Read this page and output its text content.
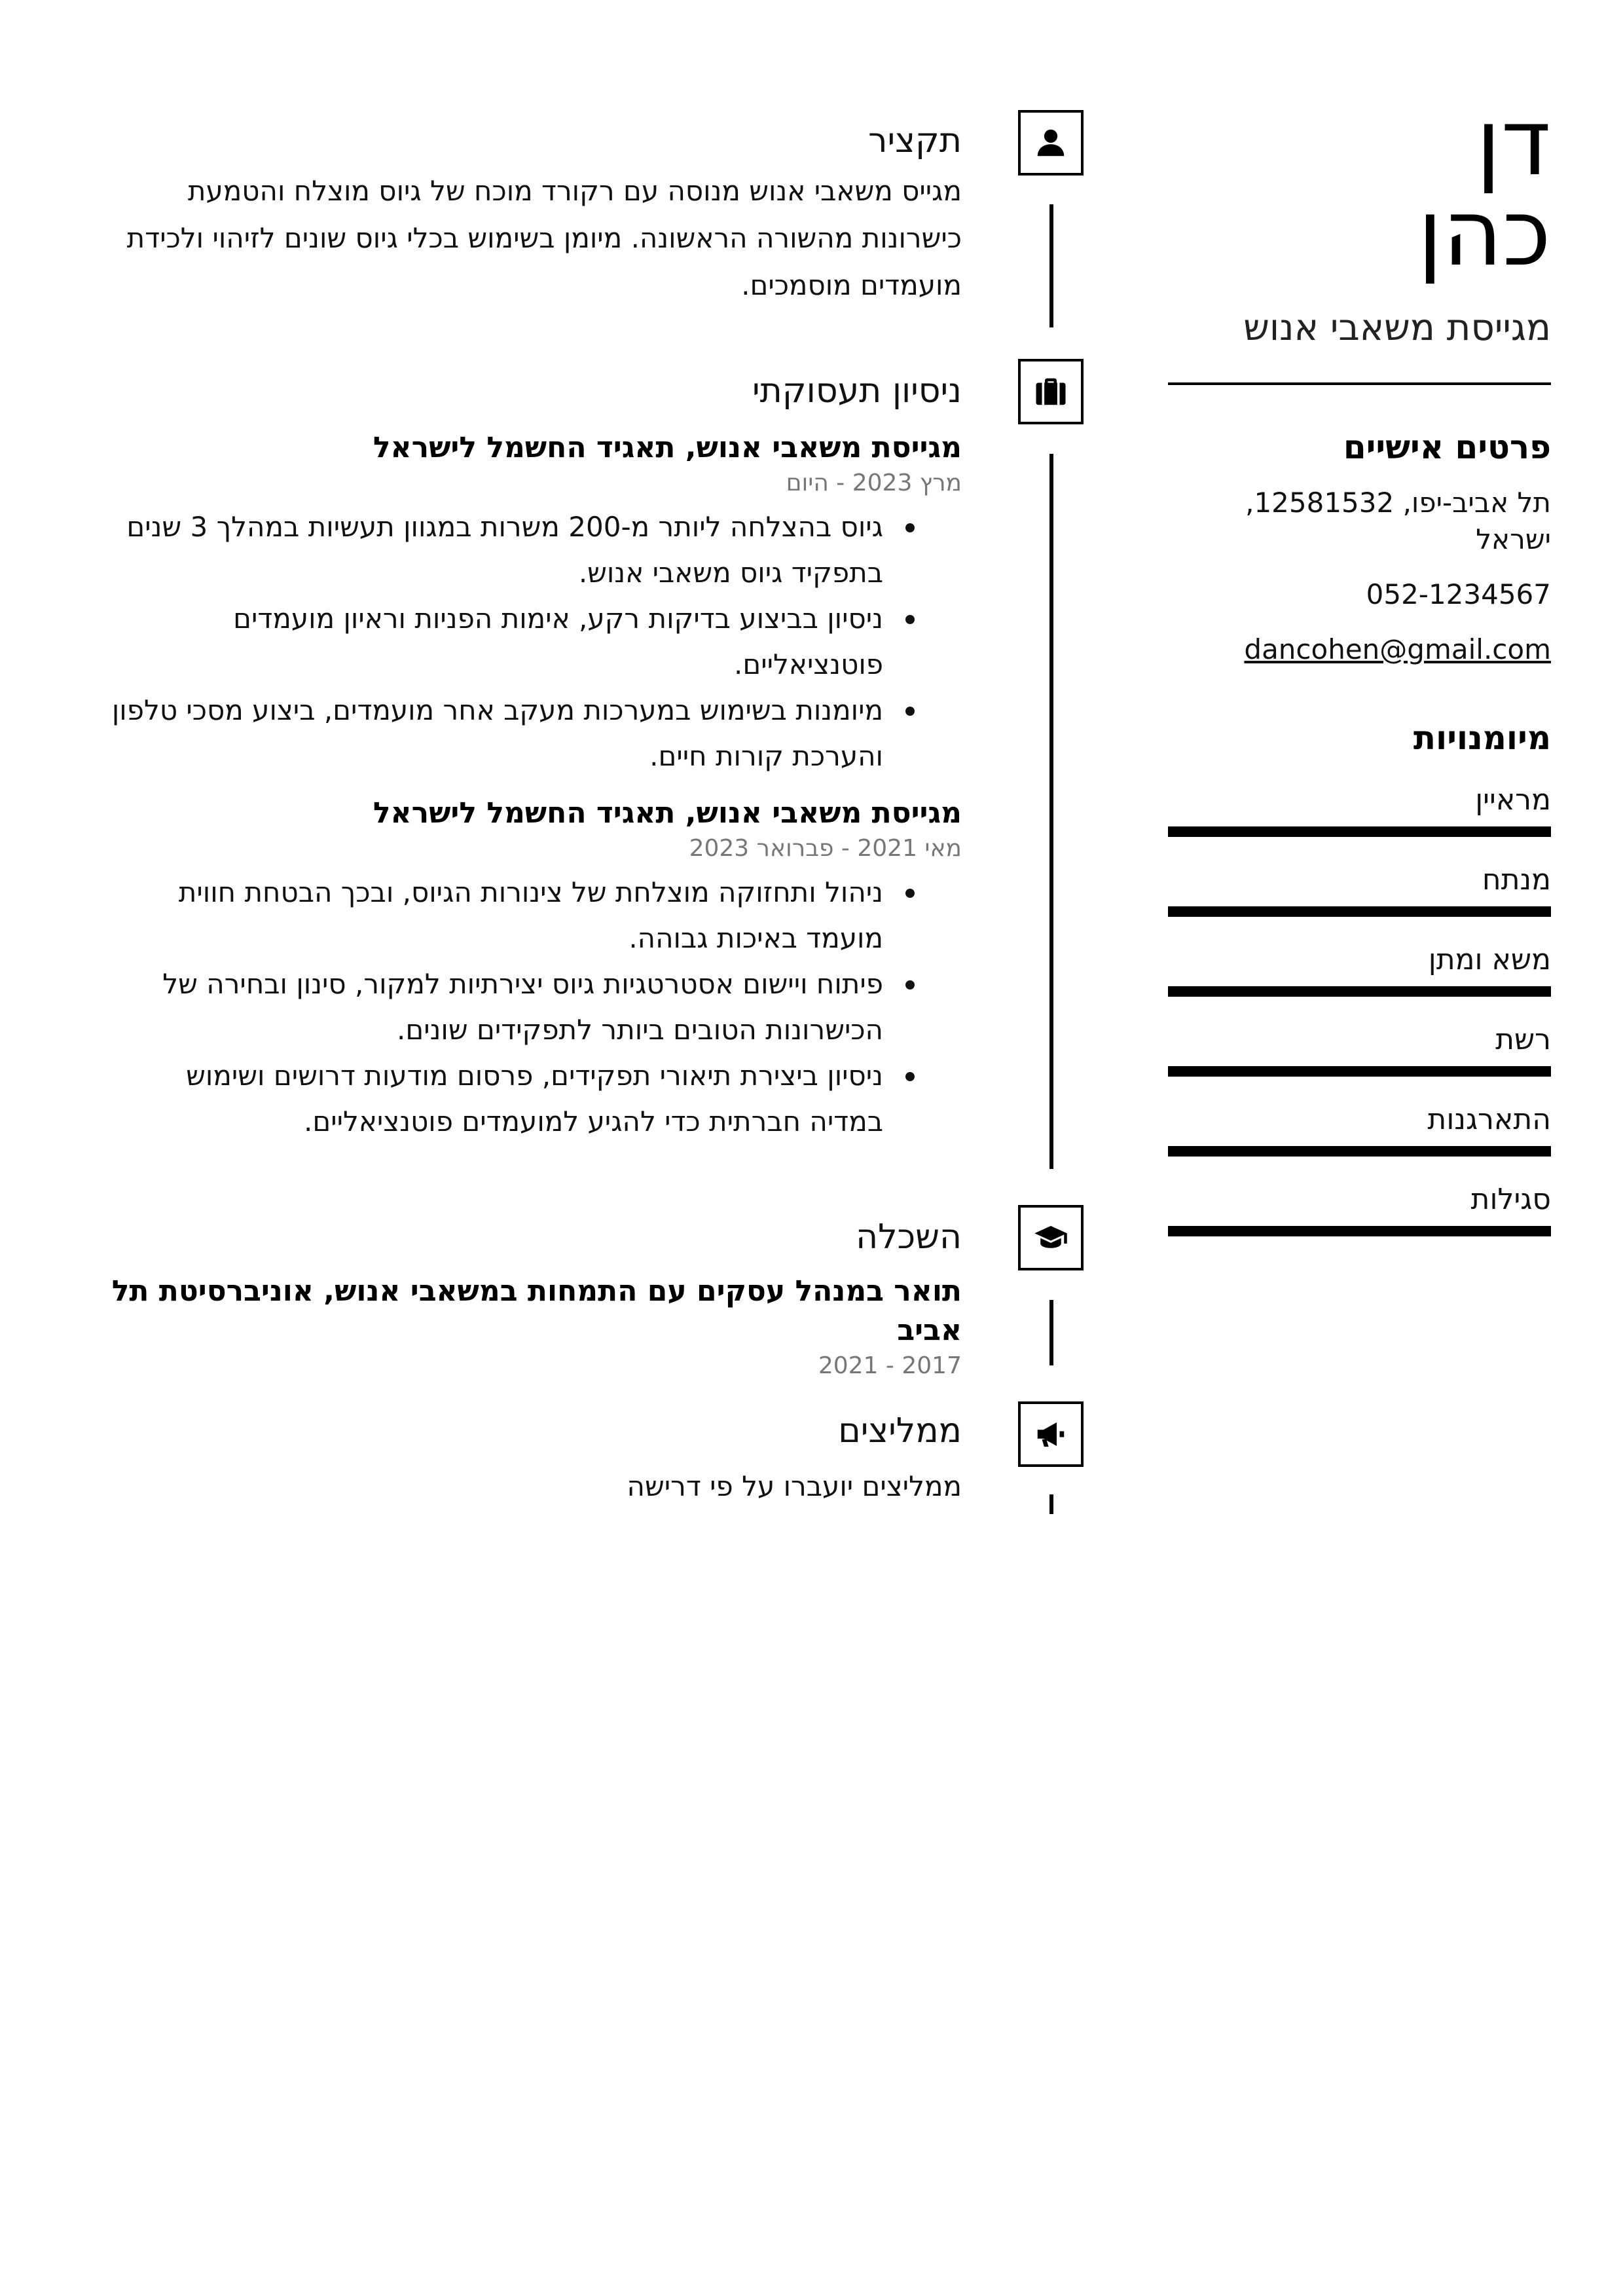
דן
כהן
מגייסת משאבי אנוש
פרטים אישיים
תל אביב-יפו, 12581532, ישראל
052-1234567
dancohen@gmail.com
מיומנויות
מראיין
מנתח
משא ומתן
רשת
התארגנות
סגילות
תקציר
מגייס משאבי אנוש מנוסה עם רקורד מוכח של גיוס מוצלח והטמעת כישרונות מהשורה הראשונה. מיומן בשימוש בכלי גיוס שונים לזיהוי ולכידת מועמדים מוסמכים.
ניסיון תעסוקתי
מגייסת משאבי אנוש, תאגיד החשמל לישראל
מרץ 2023 - היום
גיוס בהצלחה ליותר מ-200 משרות במגוון תעשיות במהלך 3 שנים בתפקיד גיוס משאבי אנוש.
ניסיון בביצוע בדיקות רקע, אימות הפניות וראיון מועמדים פוטנציאליים.
מיומנות בשימוש במערכות מעקב אחר מועמדים, ביצוע מסכי טלפון והערכת קורות חיים.
מגייסת משאבי אנוש, תאגיד החשמל לישראל
מאי 2021 - פברואר 2023
ניהול ותחזוקה מוצלחת של צינורות הגיוס, ובכך הבטחת חווית מועמד באיכות גבוהה.
פיתוח ויישום אסטרטגיות גיוס יצירתיות למקור, סינון ובחירה של הכישרונות הטובים ביותר לתפקידים שונים.
ניסיון ביצירת תיאורי תפקידים, פרסום מודעות דרושים ושימוש במדיה חברתית כדי להגיע למועמדים פוטנציאליים.
השכלה
תואר במנהל עסקים עם התמחות במשאבי אנוש, אוניברסיטת תל אביב
2017 - 2021
ממליצים
ממליצים יועברו על פי דרישה
